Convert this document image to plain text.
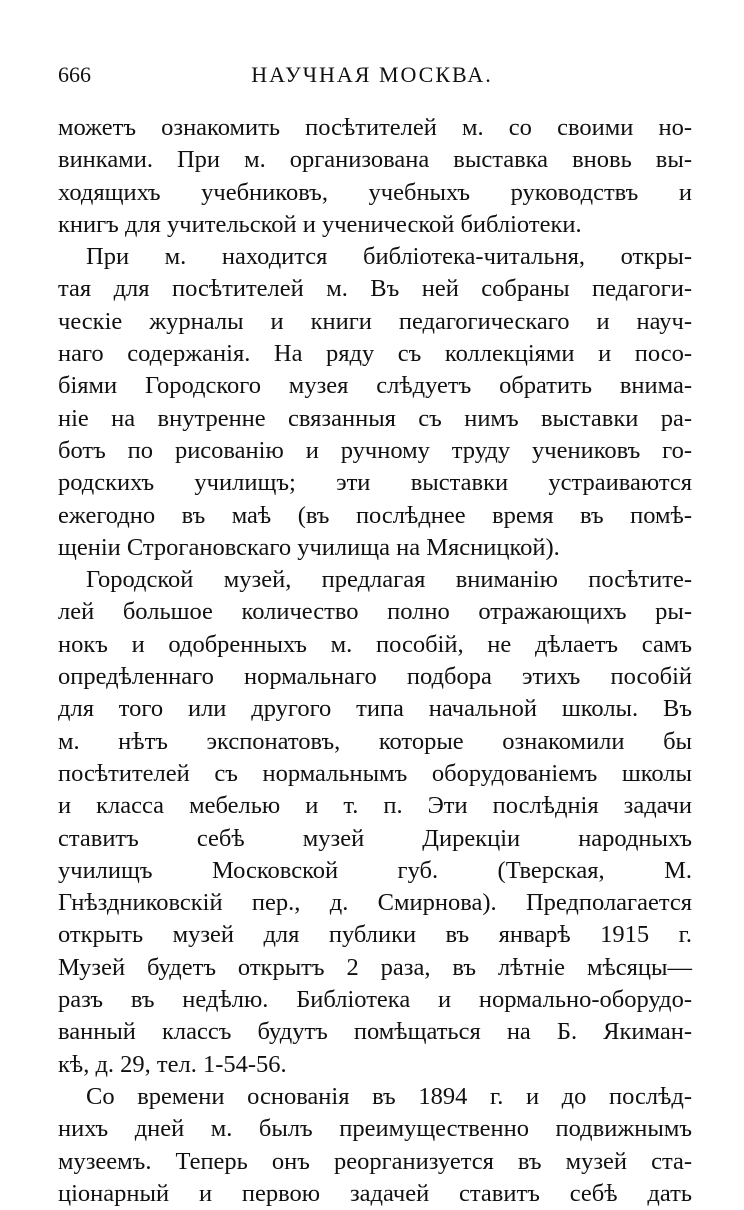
666	НАУЧНАЯ МОСКВА.
можетъ ознакомить посѣтителей м. со своими но-
винками. При м. организована выставка вновь вы-
ходящихъ учебниковъ, учебныхъ руководствъ и
книгъ для учительской и ученической библіотеки.
При м. находится библіотека-читальня, откры-
тая для посѣтителей м. Въ ней собраны педагоги-
ческіе журналы и книги педагогическаго и науч-
наго содержанія. На ряду съ коллекціями и посо-
біями Городского музея слѣдуетъ обратить внима-
ніе на внутренне связанныя съ нимъ выставки ра-
ботъ по рисованію и ручному труду учениковъ го-
родскихъ училищъ; эти выставки устраиваются
ежегодно въ маѣ (въ послѣднее время въ помѣ-
щеніи Строгановскаго училища на Мясницкой).
Городской музей, предлагая вниманію посѣтите-
лей большое количество полно отражающихъ ры-
нокъ и одобренныхъ м. пособій, не дѣлаетъ самъ
опредѣленнаго нормальнаго подбора этихъ пособій
для того или другого типа начальной школы. Въ
м. нѣтъ экспонатовъ, которые ознакомили бы
посѣтителей съ нормальнымъ оборудованіемъ школы
и класса мебелью и т. п. Эти послѣднія задачи
ставитъ себѣ музей Дирекціи народныхъ
училищъ Московской губ. (Тверская, М.
Гнѣздниковскій пер., д. Смирнова). Предполагается
открыть музей для публики въ январѣ 1915 г.
Музей будетъ открытъ 2 раза, въ лѣтніе мѣсяцы—
разъ въ недѣлю. Библіотека и нормально-оборудо-
ванный классъ будутъ помѣщаться на Б. Якиман-
кѣ, д. 29, тел. 1-54-56.
Со времени основанія въ 1894 г. и до послѣд-
нихъ дней м. былъ преимущественно подвижнымъ
музеемъ. Теперь онъ реорганизуется въ музей ста-
ціонарный и первою задачей ставитъ себѣ дать
